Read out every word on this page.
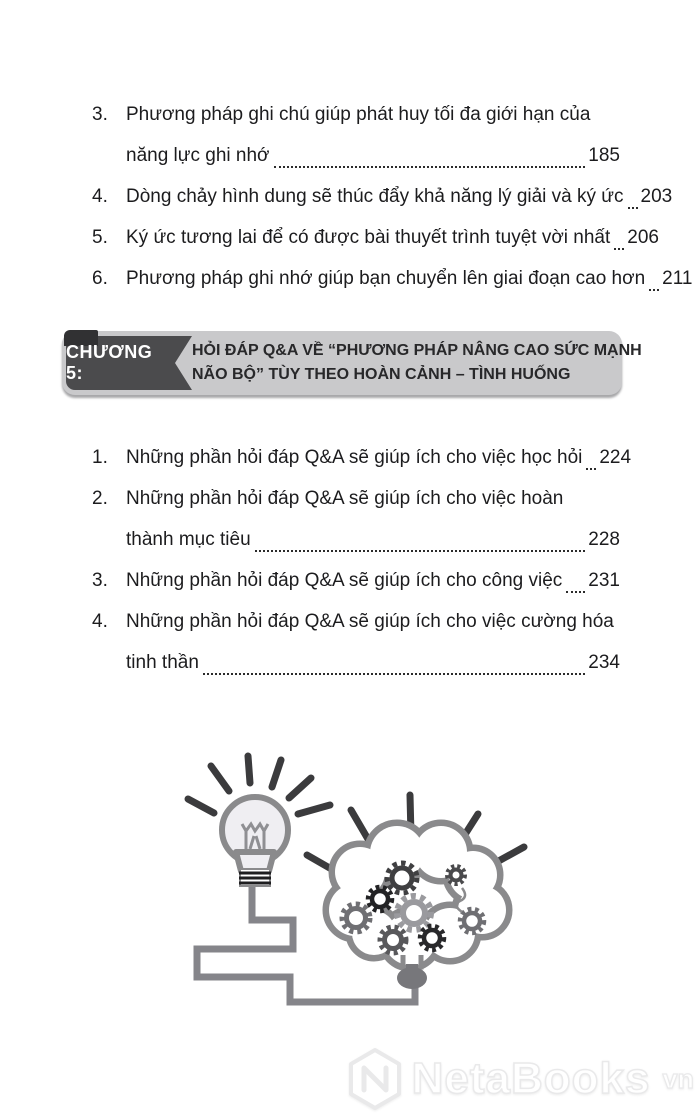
3. Phương pháp ghi chú giúp phát huy tối đa giới hạn của
năng lực ghi nhớ	185
4. Dòng chảy hình dung sẽ thúc đẩy khả năng lý giải và ký ức 203
5. Ký ức tương lai để có được bài thuyết trình tuyệt vời nhất 206
6. Phương pháp ghi nhớ giúp bạn chuyển lên giai đoạn cao hơn 211
CHƯƠNG 5:
HỎI ĐÁP Q&A VỀ “PHƯƠNG PHÁP NÂNG CAO SỨC MẠNH
NÃO BỘ” TÙY THEO HOÀN CẢNH – TÌNH HUỐNG
1. Những phần hỏi đáp Q&A sẽ giúp ích cho việc học hỏi 224
2. Những phần hỏi đáp Q&A sẽ giúp ích cho việc hoàn
thành mục tiêu	228
3. Những phần hỏi đáp Q&A sẽ giúp ích cho công việc 231
4. Những phần hỏi đáp Q&A sẽ giúp ích cho việc cường hóa
tinh thần	234
NetaBooks vn
